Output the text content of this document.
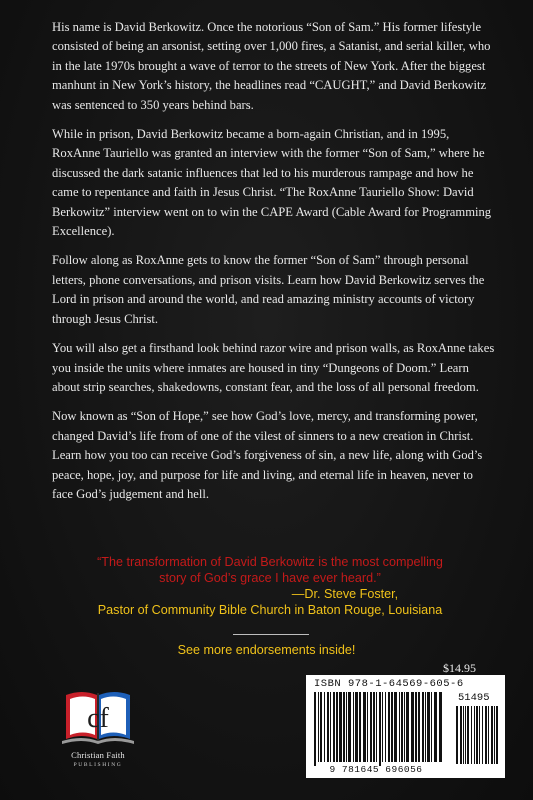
His name is David Berkowitz. Once the notorious “Son of Sam.” His former lifestyle consisted of being an arsonist, setting over 1,000 fires, a Satanist, and serial killer, who in the late 1970s brought a wave of terror to the streets of New York. After the biggest manhunt in New York’s history, the headlines read “CAUGHT,” and David Berkowitz was sentenced to 350 years behind bars.

While in prison, David Berkowitz became a born-again Christian, and in 1995, RoxAnne Tauriello was granted an interview with the former “Son of Sam,” where he discussed the dark satanic influences that led to his murderous rampage and how he came to repentance and faith in Jesus Christ. “The RoxAnne Tauriello Show: David Berkowitz” interview went on to win the CAPE Award (Cable Award for Programming Excellence).

Follow along as RoxAnne gets to know the former “Son of Sam” through personal letters, phone conversations, and prison visits. Learn how David Berkowitz serves the Lord in prison and around the world, and read amazing ministry accounts of victory through Jesus Christ.

You will also get a firsthand look behind razor wire and prison walls, as RoxAnne takes you inside the units where inmates are housed in tiny “Dungeons of Doom.” Learn about strip searches, shakedowns, constant fear, and the loss of all personal freedom.

Now known as “Son of Hope,” see how God’s love, mercy, and transforming power, changed David’s life from of one of the vilest of sinners to a new creation in Christ. Learn how you too can receive God’s forgiveness of sin, a new life, along with God’s peace, hope, joy, and purpose for life and living, and eternal life in heaven, never to face God’s judgement and hell.

“The transformation of David Berkowitz is the most compelling

story of God’s grace I have ever heard.”

—Dr. Steve Foster,

Pastor of Community Bible Church in Baton Rouge, Louisiana

See more endorsements inside!
$14.95
ISBN 978-1-64569-605-6
51495
9 781645 696056
cf
Christian Faith
PUBLISHING
